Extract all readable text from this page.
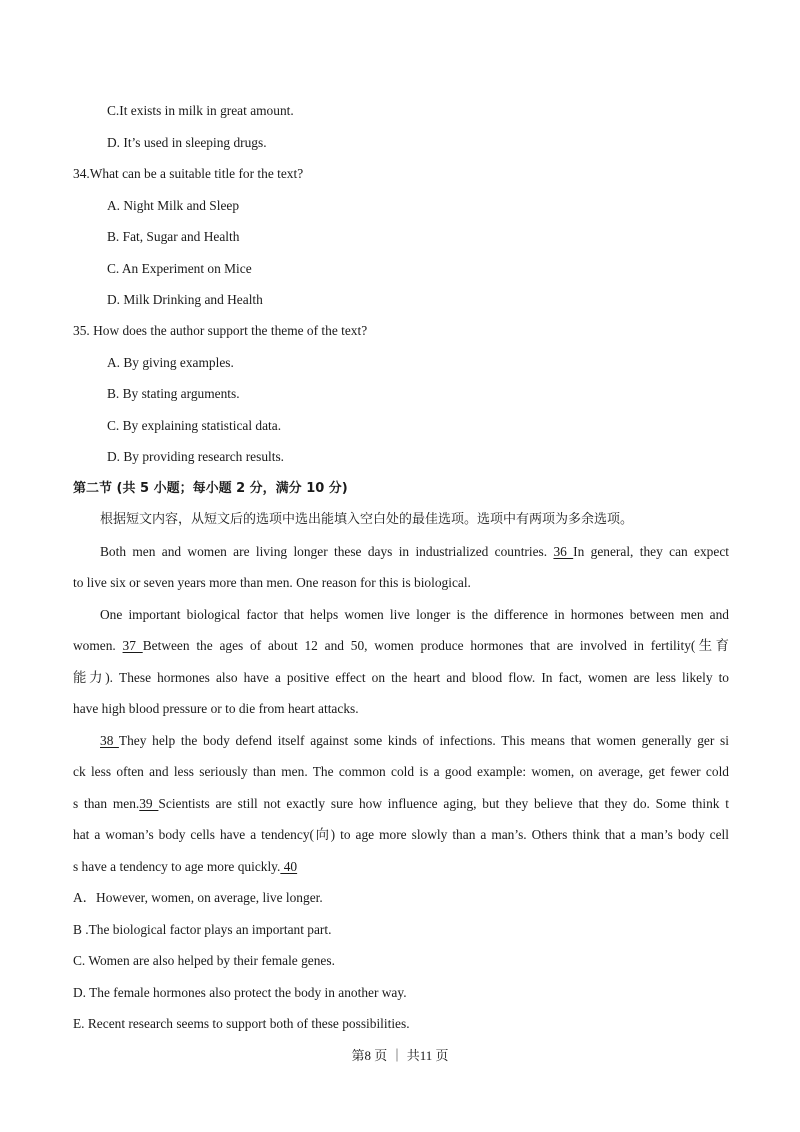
C.It exists in milk in great amount.
D. It’s used in sleeping drugs.
34.What can be a suitable title for the text?
A. Night Milk and Sleep
B. Fat, Sugar and Health
C. An Experiment on Mice
D. Milk Drinking and Health
35. How does the author support the theme of the text?
A. By giving examples.
B. By stating arguments.
C. By explaining statistical data.
D. By providing research results.
第二节 (共 5 小题；每小题 2 分，满分 10 分)
根据短文内容，从短文后的选项中选出能填入空白处的最佳选项。选项中有两项为多余选项。
Both men and women are living longer these days in industrialized countries. 36 In general, they can expect
to live six or seven years more than men. One reason for this is biological.
One important biological factor that helps women live longer is the difference in hormones between men and
women. 37 Between the ages of about 12 and 50, women produce hormones that are involved in fertility(生育
能力). These hormones also have a positive effect on the heart and blood flow. In fact, women are less likely to
have high blood pressure or to die from heart attacks.
38 They help the body defend itself against some kinds of infections. This means that women generally ger si
ck less often and less seriously than men. The common cold is a good example: women, on average, get fewer cold
s than men.39 Scientists are still not exactly sure how influence aging, but they believe that they do. Some think t
hat a woman’s body cells have a tendency(向) to age more slowly than a man’s. Others think that a man’s body cell
s have a tendency to age more quickly. 40
A．However, women, on average, live longer.
B .The biological factor plays an important part.
C. Women are also helped by their female genes.
D. The female hormones also protect the body in another way.
E. Recent research seems to support both of these possibilities.
第8 页 ｜ 共11 页
